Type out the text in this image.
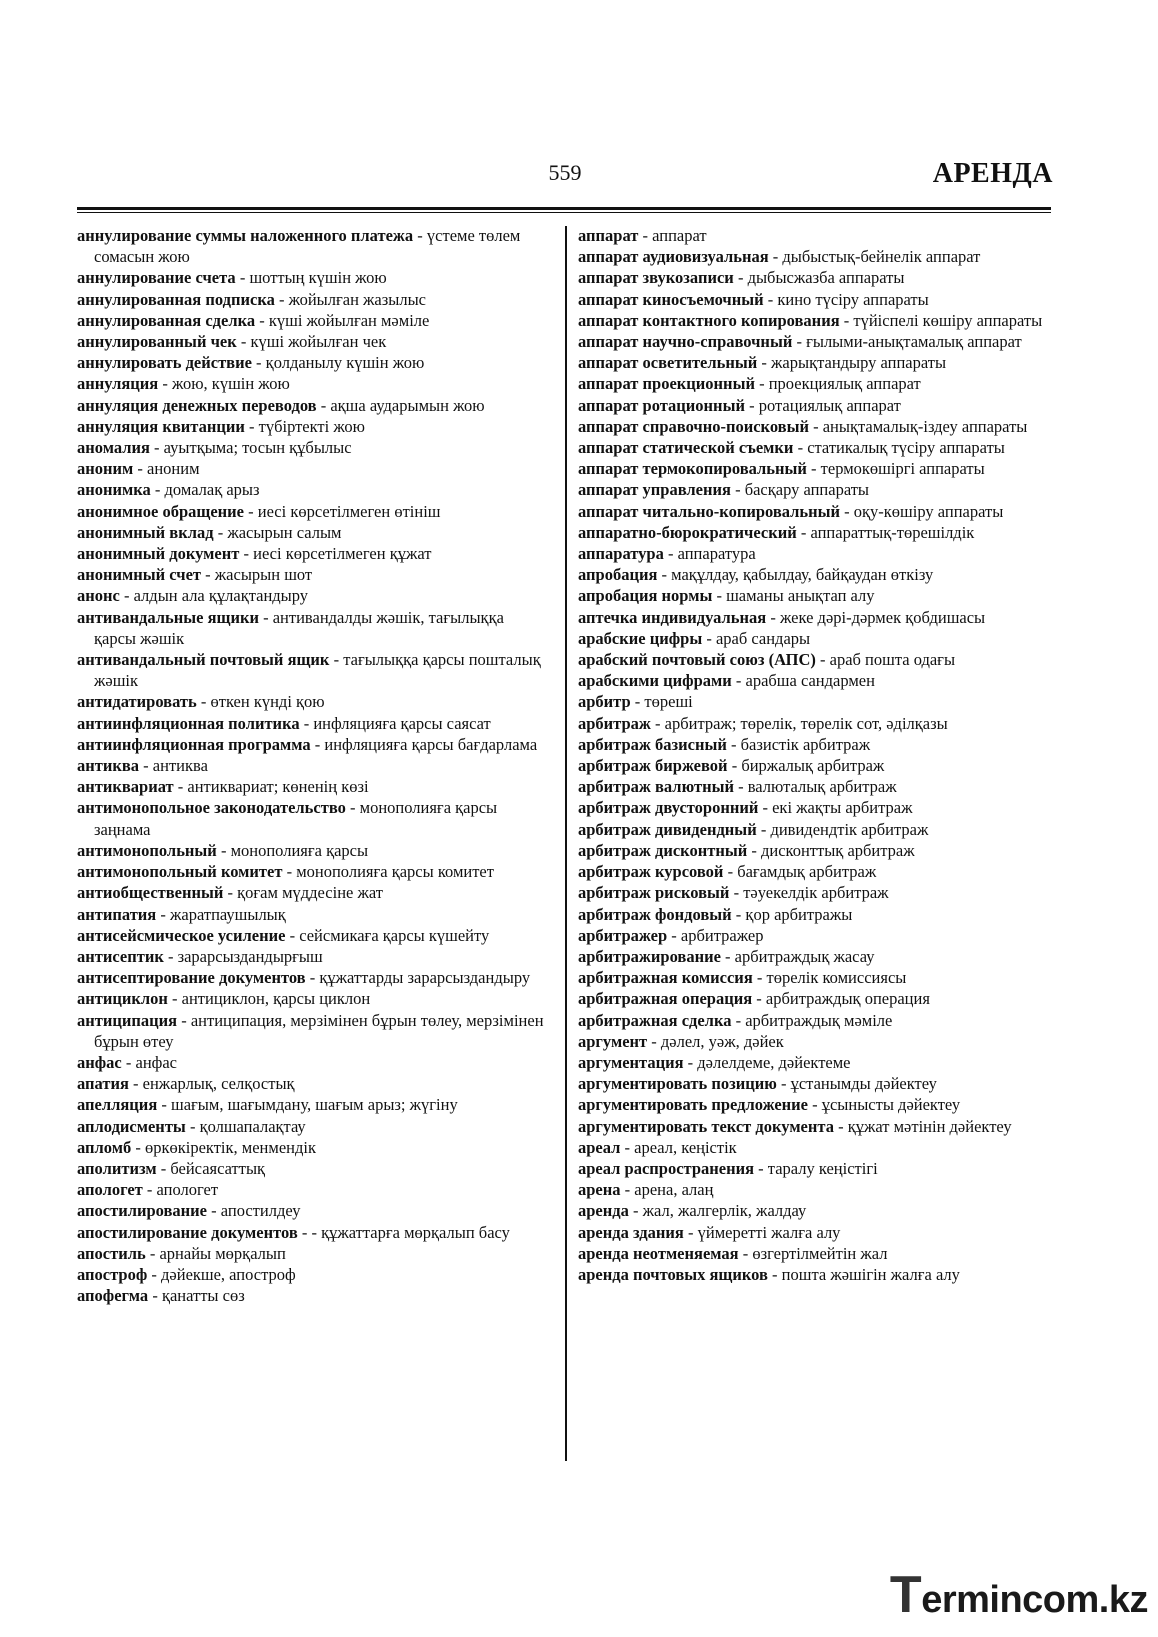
559	АРЕНДА

аннулирование суммы наложенного платежа - үстеме төлем сомасын жою

аннулирование счета - шоттың күшін жою

аннулированная подписка - жойылған жазылыс

аннулированная сделка - күші жойылған мәміле

аннулированный чек - күші жойылған чек

аннулировать действие - қолданылу күшін жою

аннуляция - жою, күшін жою

аннуляция денежных переводов - ақша аударымын жою

аннуляция квитанции - түбіртекті жою

аномалия - ауытқыма; тосын құбылыс

аноним - аноним

анонимка - домалақ арыз

анонимное обращение - иесі көрсетілмеген өтініш

анонимный вклад - жасырын салым

анонимный документ - иесі көрсетілмеген құжат

анонимный счет - жасырын шот

анонс - алдын ала құлақтандыру

антивандальные ящики - антивандалды жәшік, тағылыққа қарсы жәшік

антивандальный почтовый ящик - тағылыққа қарсы пошталық жәшік

антидатировать - өткен күнді қою

антиинфляционная политика - инфляцияға қарсы саясат

антиинфляционная программа - инфляцияға қарсы бағдарлама

антиква - антиква

антиквариат - антиквариат; көненің көзі

антимонопольное законодательство - монополияға қарсы заңнама

антимонопольный - монополияға қарсы

антимонопольный комитет - монополияға қарсы комитет

антиобщественный - қоғам мүддесіне жат

антипатия - жаратпаушылық

антисейсмическое усиление - сейсмикаға қарсы күшейту

антисептик - зарарсыздандырғыш

антисептирование документов - құжаттарды зарарсыздандыру

антициклон - антициклон, қарсы циклон

антиципация - антиципация, мерзімінен бұрын төлеу, мерзімінен бұрын өтеу

анфас - анфас

апатия - енжарлық, селқостық

апелляция - шағым, шағымдану, шағым арыз; жүгіну

аплодисменты - қолшапалақтау

апломб - өркөкіректік, менмендік

аполитизм - бейсаясаттық

апологет - апологет

апостилирование - апостилдеу

апостилирование документов - - құжаттарға мөрқалып басу

апостиль - арнайы мөрқалып

апостроф - дәйекше, апостроф

апофегма - қанатты сөз

аппарат - аппарат

аппарат аудиовизуальная - дыбыстық-бейнелік аппарат

аппарат звукозаписи - дыбысжазба аппараты

аппарат киносъемочный - кино түсіру аппараты

аппарат контактного копирования - түйіспелі көшіру аппараты

аппарат научно-справочный - ғылыми-анықтамалық аппарат

аппарат осветительный - жарықтандыру аппараты

аппарат проекционный - проекциялық аппарат

аппарат ротационный - ротациялық аппарат

аппарат справочно-поисковый - анықтамалық-іздеу аппараты

аппарат статической съемки - статикалық түсіру аппараты

аппарат термокопировальный - термокөшіргі аппараты

аппарат управления - басқару аппараты

аппарат читально-копировальный - оқу-көшіру аппараты

аппаратно-бюрократический - аппараттық-төрешілдік

аппаратура - аппаратура

апробация - мақұлдау, қабылдау, байқаудан өткізу

апробация нормы - шаманы анықтап алу

аптечка индивидуальная - жеке дәрі-дәрмек қобдишасы

арабские цифры - араб сандары

арабский почтовый союз (АПС) - араб пошта одағы

арабскими цифрами - арабша сандармен

арбитр - төреші

арбитраж - арбитраж; төрелік, төрелік сот, әділқазы

арбитраж базисный - базистік арбитраж

арбитраж биржевой - биржалық арбитраж

арбитраж валютный - валюталық арбитраж

арбитраж двусторонний - екі жақты арбитраж

арбитраж дивидендный - дивидендтік арбитраж

арбитраж дисконтный - дисконттық арбитраж

арбитраж курсовой - бағамдық арбитраж

арбитраж рисковый - тәуекелдік арбитраж

арбитраж фондовый - қор арбитражы

арбитражер - арбитражер

арбитражирование - арбитраждық жасау

арбитражная комиссия - төрелік комиссиясы

арбитражная операция - арбитраждық операция

арбитражная сделка - арбитраждық мәміле

аргумент - дәлел, уәж, дәйек

аргументация - дәлелдеме, дәйектеме

аргументировать позицию - ұстанымды дәйектеу

аргументировать предложение - ұсынысты дәйектеу

аргументировать текст документа - құжат мәтінін дәйектеу

ареал - ареал, кеңістік

ареал распространения - таралу кеңістігі

арена - арена, алаң

аренда - жал, жалгерлік, жалдау

аренда здания - үймеретті жалға алу

аренда неотменяемая - өзгертілмейтін жал

аренда почтовых ящиков - пошта жәшігін жалға алу

Termincom.kz
